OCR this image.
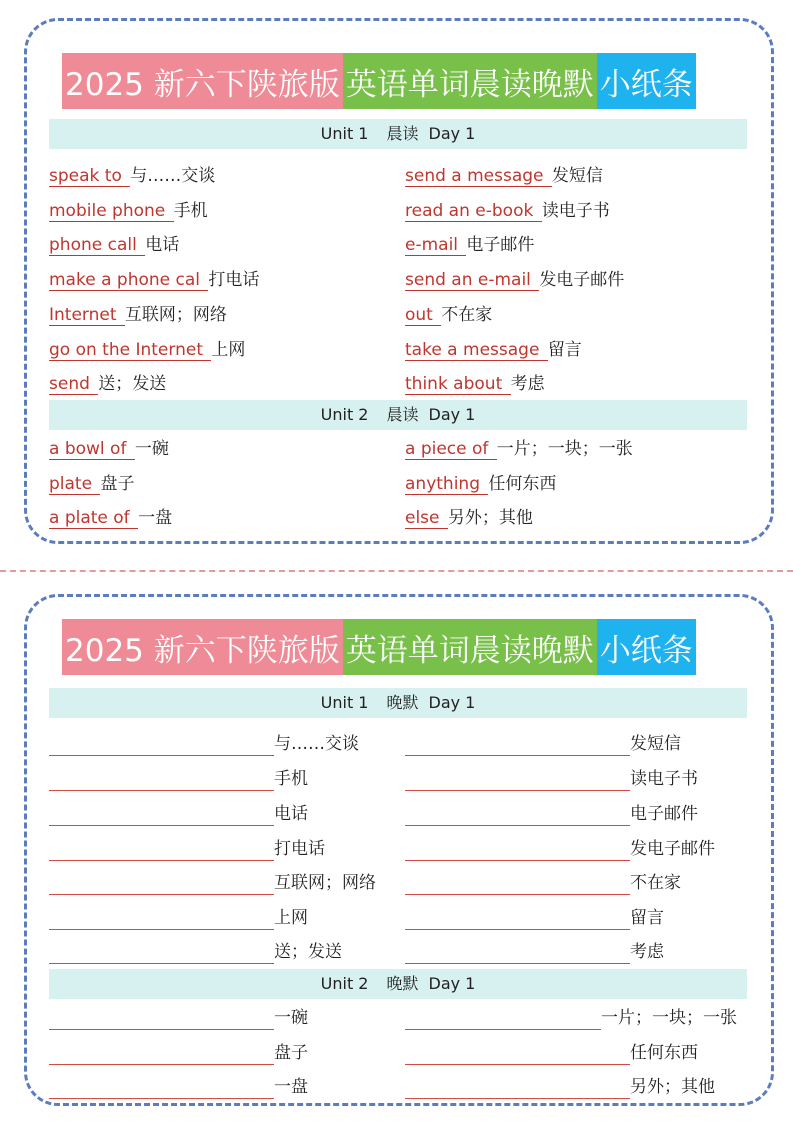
2025 新六下陕旅版 英语单词晨读晚默 小纸条
Unit 1 晨读 Day 1
speak to 与……交谈
mobile phone 手机
phone call 电话
make a phone cal 打电话
Internet 互联网；网络
go on the Internet 上网
send 送；发送
send a message 发短信
read an e-book 读电子书
e-mail 电子邮件
send an e-mail 发电子邮件
out 不在家
take a message 留言
think about 考虑
Unit 2 晨读 Day 1
a bowl of 一碗
plate 盘子
a plate of 一盘
a piece of 一片；一块；一张
anything 任何东西
else 另外；其他
2025 新六下陕旅版 英语单词晨读晚默 小纸条
Unit 1 晚默 Day 1
与……交谈
手机
电话
打电话
互联网；网络
上网
送；发送
发短信
读电子书
电子邮件
发电子邮件
不在家
留言
考虑
Unit 2 晚默 Day 1
一碗
盘子
一盘
一片；一块；一张
任何东西
另外；其他
